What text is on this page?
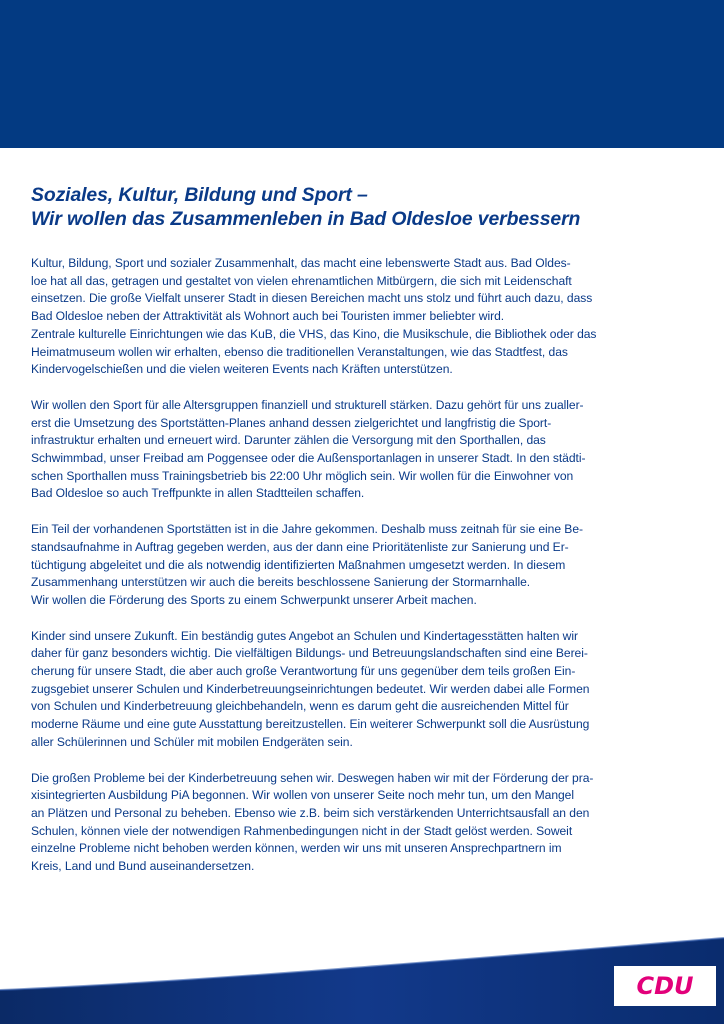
Soziales, Kultur, Bildung und Sport –
Wir wollen das Zusammenleben in Bad Oldesloe verbessern

Kultur, Bildung, Sport und sozialer Zusammenhalt, das macht eine lebenswerte Stadt aus. Bad Oldes-
loe hat all das, getragen und gestaltet von vielen ehrenamtlichen Mitbürgern, die sich mit Leidenschaft
einsetzen. Die große Vielfalt unserer Stadt in diesen Bereichen macht uns stolz und führt auch dazu, dass
Bad Oldesloe neben der Attraktivität als Wohnort auch bei Touristen immer beliebter wird.
Zentrale kulturelle Einrichtungen wie das KuB, die VHS, das Kino, die Musikschule, die Bibliothek oder das
Heimatmuseum wollen wir erhalten, ebenso die traditionellen Veranstaltungen, wie das Stadtfest, das
Kindervogelschießen und die vielen weiteren Events nach Kräften unterstützen.

Wir wollen den Sport für alle Altersgruppen finanziell und strukturell stärken. Dazu gehört für uns zualler-
erst die Umsetzung des Sportstätten-Planes anhand dessen zielgerichtet und langfristig die Sport-
infrastruktur erhalten und erneuert wird. Darunter zählen die Versorgung mit den Sporthallen, das
Schwimmbad, unser Freibad am Poggensee oder die Außensportanlagen in unserer Stadt. In den städti-
schen Sporthallen muss Trainingsbetrieb bis 22:00 Uhr möglich sein. Wir wollen für die Einwohner von
Bad Oldesloe so auch Treffpunkte in allen Stadtteilen schaffen.

Ein Teil der vorhandenen Sportstätten ist in die Jahre gekommen. Deshalb muss zeitnah für sie eine Be-
standsaufnahme in Auftrag gegeben werden, aus der dann eine Prioritätenliste zur Sanierung und Er-
tüchtigung abgeleitet und die als notwendig identifizierten Maßnahmen umgesetzt werden. In diesem
Zusammenhang unterstützen wir auch die bereits beschlossene Sanierung der Stormarnhalle.
Wir wollen die Förderung des Sports zu einem Schwerpunkt unserer Arbeit machen.

Kinder sind unsere Zukunft. Ein beständig gutes Angebot an Schulen und Kindertagesstätten halten wir
daher für ganz besonders wichtig. Die vielfältigen Bildungs- und Betreuungslandschaften sind eine Berei-
cherung für unsere Stadt, die aber auch große Verantwortung für uns gegenüber dem teils großen Ein-
zugsgebiet unserer Schulen und Kinderbetreuungseinrichtungen bedeutet. Wir werden dabei alle Formen
von Schulen und Kinderbetreuung gleichbehandeln, wenn es darum geht die ausreichenden Mittel für
moderne Räume und eine gute Ausstattung bereitzustellen. Ein weiterer Schwerpunkt soll die Ausrüstung
aller Schülerinnen und Schüler mit mobilen Endgeräten sein.

Die großen Probleme bei der Kinderbetreuung sehen wir. Deswegen haben wir mit der Förderung der pra-
xisintegrierten Ausbildung PiA begonnen. Wir wollen von unserer Seite noch mehr tun, um den Mangel
an Plätzen und Personal zu beheben. Ebenso wie z.B. beim sich verstärkenden Unterrichtsausfall an den
Schulen, können viele der notwendigen Rahmenbedingungen nicht in der Stadt gelöst werden. Soweit
einzelne Probleme nicht behoben werden können, werden wir uns mit unseren Ansprechpartnern im
Kreis, Land und Bund auseinandersetzen.

CDU
